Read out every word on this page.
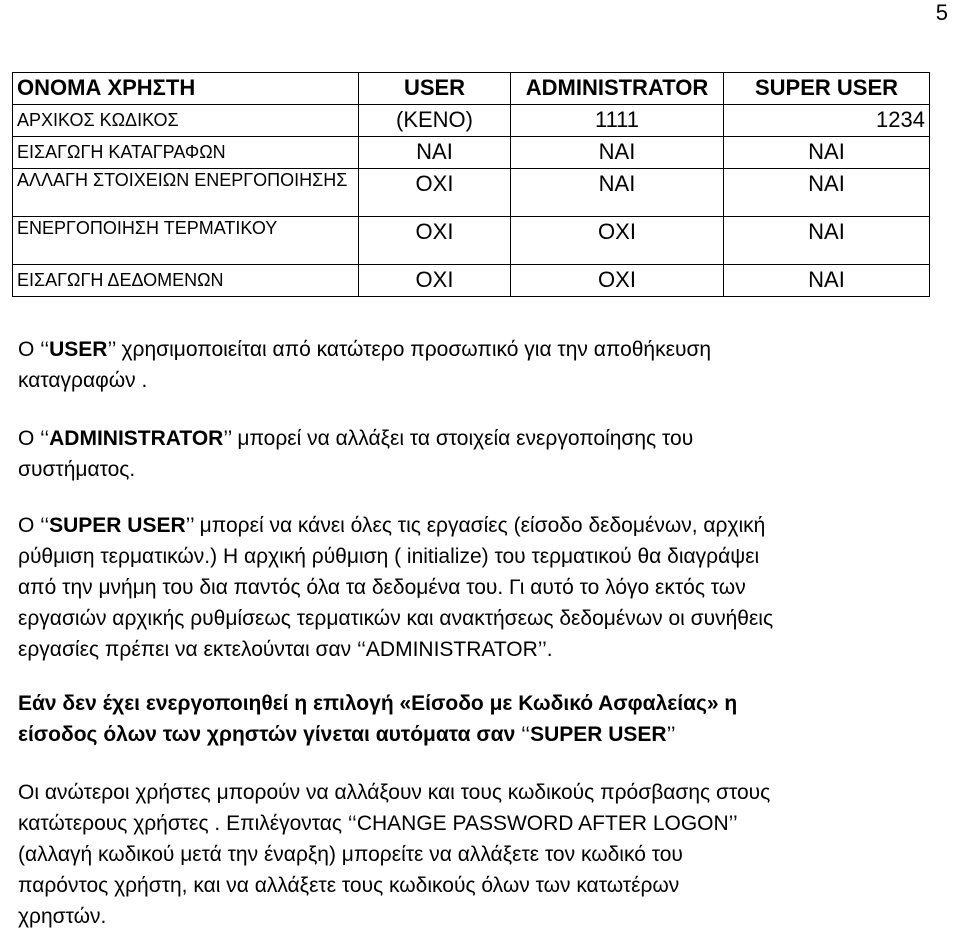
5
ΟΝΟΜΑ ΧΡΗΣΤΗ	USER	ADMINISTRATOR	SUPER USER
ΑΡΧΙΚΟΣ ΚΩΔΙΚΟΣ	(KENO)	1111	1234
ΕΙΣΑΓΩΓΗ ΚΑΤΑΓΡΑΦΩΝ	ΝΑΙ	ΝΑΙ	ΝΑΙ
ΑΛΛΑΓΗ ΣΤΟΙΧΕΙΩΝ ΕΝΕΡΓΟΠΟΙΗΣΗΣ	ΟΧΙ	ΝΑΙ	ΝΑΙ
ΕΝΕΡΓΟΠΟΙΗΣΗ ΤΕΡΜΑΤΙΚΟΥ	ΟΧΙ	ΟΧΙ	ΝΑΙ
ΕΙΣΑΓΩΓΗ ΔΕΔΟΜΕΝΩΝ	ΟΧΙ	ΟΧΙ	ΝΑΙ

Ο ‘‘USER’’ χρησιμοποιείται από κατώτερο προσωπικό για την αποθήκευση
καταγραφών .

Ο ‘‘ADMINISTRATOR’’ μπορεί να αλλάξει τα στοιχεία ενεργοποίησης του
συστήματος.

Ο ‘‘SUPER USER’’ μπορεί να κάνει όλες τις εργασίες (είσοδο δεδομένων, αρχική
ρύθμιση τερματικών.) Η αρχική ρύθμιση ( initialize) του τερματικού θα διαγράψει
από την μνήμη του δια παντός όλα τα δεδομένα του. Γι αυτό το λόγο εκτός των
εργασιών αρχικής ρυθμίσεως τερματικών και ανακτήσεως δεδομένων οι συνήθεις
εργασίες πρέπει να εκτελούνται σαν ‘‘ADMINISTRATOR’’.

Εάν δεν έχει ενεργοποιηθεί η επιλογή «Είσοδο με Κωδικό Ασφαλείας» η
είσοδος όλων των χρηστών γίνεται αυτόματα σαν ‘‘SUPER USER’’

Οι ανώτεροι χρήστες μπορούν να αλλάξουν και τους κωδικούς πρόσβασης στους
κατώτερους χρήστες . Επιλέγοντας ‘‘CHANGE PASSWORD AFTER LOGON’’
(αλλαγή κωδικού μετά την έναρξη) μπορείτε να αλλάξετε τον κωδικό του
παρόντος χρήστη, και να αλλάξετε τους κωδικούς όλων των κατωτέρων
χρηστών.
